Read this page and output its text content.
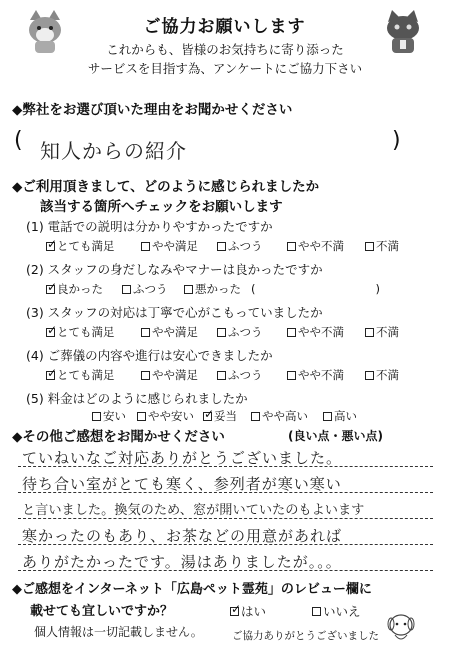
ご協力お願いします
これからも、皆様のお気持ちに寄り添った
サービスを目指す為、アンケートにご協力下さい
◆弊社をお選び頂いた理由をお聞かせください
( 知人からの紹介	)
◆ご利用頂きまして、どのように感じられましたか
該当する箇所へチェックをお願いします
(1) 電話での説明は分かりやすかったですか
✓
とても満足	やや満足	ふつう	やや不満	不満
(2) スタッフの身だしなみやマナーは良かったですか
✓
良かった	ふつう 悪かった (	)
(3) スタッフの対応は丁寧で心がこもっていましたか
✓
とても満足	やや満足	ふつう	やや不満	不満
(4) ご葬儀の内容や進行は安心できましたか
✓
とても満足	やや満足	ふつう	やや不満	不満
(5) 料金はどのように感じられましたか
安い やや安い ✓ 妥当 やや高い 高い
◆その他ご感想をお聞かせください	(良い点・悪い点)
ていねいなご対応ありがとうございました。
待ち合い室がとても寒く、参列者が寒い寒い
と言いました。換気のため、窓が開いていたのもよいます
寒かったのもあり、お茶などの用意があれば
ありがたかったです。湯はありましたが。。。
◆ご感想をインターネット「広島ペット霊苑」のレビュー欄に
載せても宜しいですか？ ✓	はい	いいえ
個人情報は一切記載しません。	ご協力ありがとうございました
